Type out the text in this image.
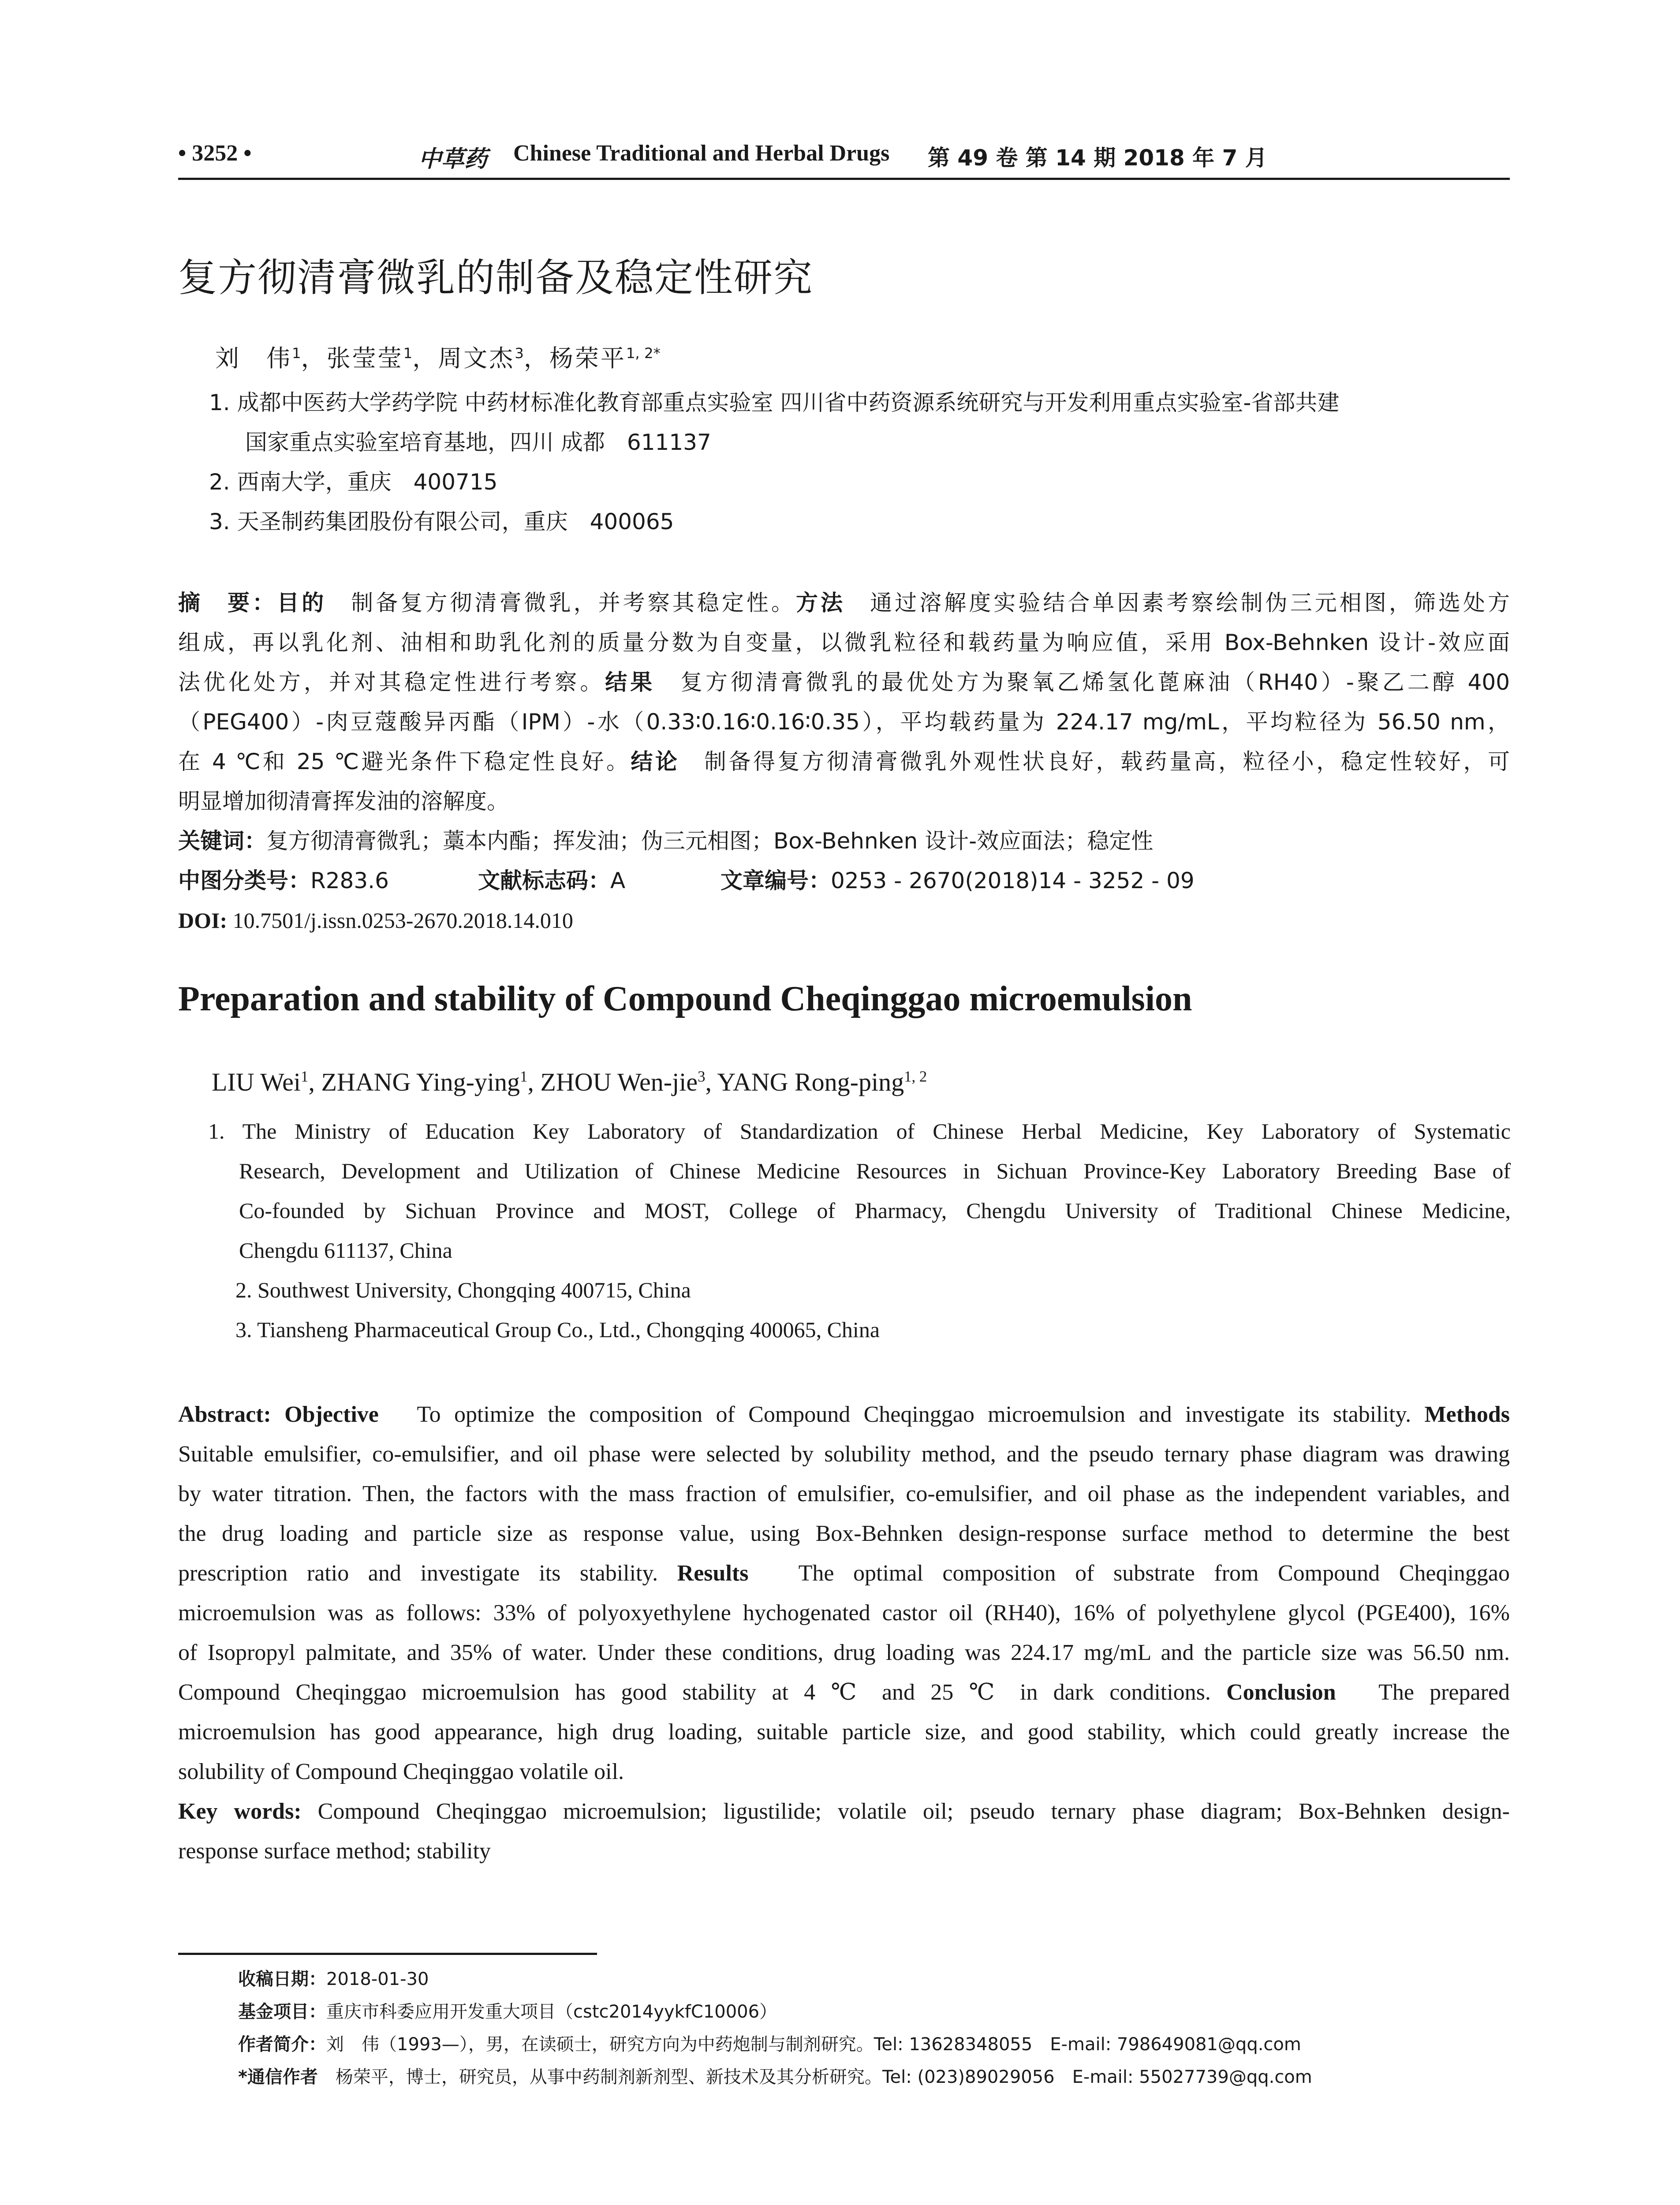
• 3252 •	中草药 Chinese Traditional and Herbal Drugs 第 49 卷 第 14 期 2018 年 7 月
复方彻清膏微乳的制备及稳定性研究
刘　伟$^1$，张莹莹$^1$，周文杰$^3$，杨荣平$^{1, 2*}$
1. 成都中医药大学药学院 中药材标准化教育部重点实验室 四川省中药资源系统研究与开发利用重点实验室-省部共建
国家重点实验室培育基地，四川 成都　611137
2. 西南大学，重庆　400715
3. 天圣制药集团股份有限公司，重庆　400065
摘　要：目的　 制备复方彻清膏微乳，并考察其稳定性。方法　 通过溶解度实验结合单因素考察绘制伪三元相图，筛选处方
组成，再以乳化剂、油相和助乳化剂的质量分数为自变量，以微乳粒径和载药量为响应值，采用 Box-Behnken 设计-效应面
法优化处方，并对其稳定性进行考察。结果　 复方彻清膏微乳的最优处方为聚氧乙烯氢化蓖麻油（RH40）-聚乙二醇 400
（PEG400）-肉豆蔻酸异丙酯（IPM）-水（0.33∶0.16∶0.16∶0.35），平均载药量为 224.17 mg/mL，平均粒径为 56.50 nm，
在 4 ℃和 25 ℃避光条件下稳定性良好。结论　 制备得复方彻清膏微乳外观性状良好，载药量高，粒径小，稳定性较好，可
明显增加彻清膏挥发油的溶解度。
关键词：复方彻清膏微乳；藁本内酯；挥发油；伪三元相图；Box-Behnken 设计-效应面法；稳定性
中图分类号： R283.6	文献标志码： A	文章编号： 0253 - 2670(2018)14 - 3252 - 09
DOI: 10.7501/j.issn.0253-2670.2018.14.010
Preparation and stability of Compound Cheqinggao microemulsion
LIU Wei$^1$, ZHANG Ying-ying$^1$, ZHOU Wen-jie$^3$, YANG Rong-ping$^{1, 2}$
1. The Ministry of Education Key Laboratory of Standardization of Chinese Herbal Medicine, Key Laboratory of Systematic
Research, Development and Utilization of Chinese Medicine Resources in Sichuan Province-Key Laboratory Breeding Base of
Co-founded by Sichuan Province and MOST, College of Pharmacy, Chengdu University of Traditional Chinese Medicine,
Chengdu 611137, China
2. Southwest University, Chongqing 400715, China
3. Tiansheng Pharmaceutical Group Co., Ltd., Chongqing 400065, China
Abstract: Objective　 To optimize the composition of Compound Cheqinggao microemulsion and investigate its stability. Methods
Suitable emulsifier, co-emulsifier, and oil phase were selected by solubility method, and the pseudo ternary phase diagram was drawing
by water titration. Then, the factors with the mass fraction of emulsifier, co-emulsifier, and oil phase as the independent variables, and
the drug loading and particle size as response value, using Box-Behnken design-response surface method to determine the best
prescription ratio and investigate its stability. Results　 The optimal composition of substrate from Compound Cheqinggao
microemulsion was as follows: 33% of polyoxyethylene hychogenated castor oil (RH40), 16% of polyethylene glycol (PGE400), 16%
of Isopropyl palmitate, and 35% of water. Under these conditions, drug loading was 224.17 mg/mL and the particle size was 56.50 nm.
Compound Cheqinggao microemulsion has good stability at 4 ℃ and 25 ℃ in dark conditions. Conclusion　 The prepared
microemulsion has good appearance, high drug loading, suitable particle size, and good stability, which could greatly increase the
solubility of Compound Cheqinggao volatile oil.
Key words: Compound Cheqinggao microemulsion; ligustilide; volatile oil; pseudo ternary phase diagram; Box-Behnken design-
response surface method; stability
收稿日期：2018-01-30
基金项目：重庆市科委应用开发重大项目（cstc2014yykfC10006）
作者简介：刘　伟（1993—），男，在读硕士，研究方向为中药炮制与制剂研究。Tel: 13628348055　E-mail: 798649081@qq.com
*通信作者　 杨荣平，博士，研究员，从事中药制剂新剂型、新技术及其分析研究。Tel: (023)89029056　E-mail: 55027739@qq.com
